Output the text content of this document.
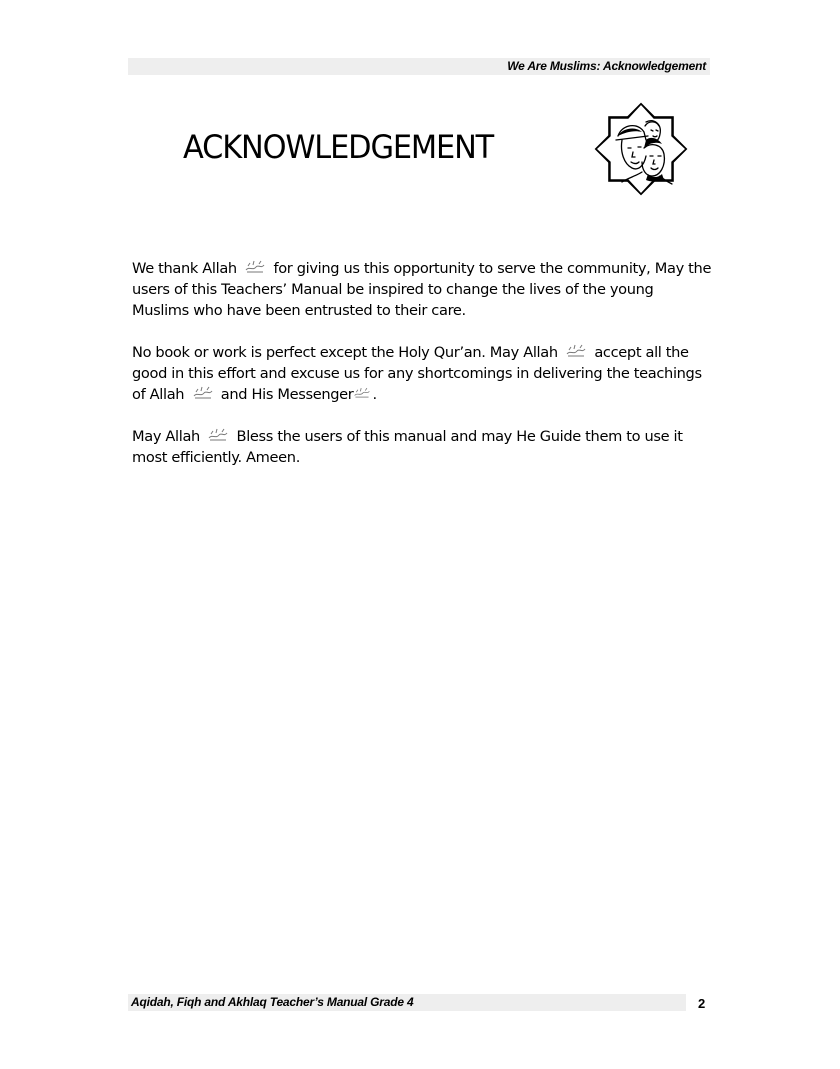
We Are Muslims: Acknowledgement
ACKNOWLEDGEMENT

We thank Allah	for giving us this opportunity to serve the community, May the users of this Teachers’ Manual be inspired to change the lives of the young Muslims who have been entrusted to their care.

No book or work is perfect except the Holy Qur’an. May Allah	accept all the good in this effort and excuse us for any shortcomings in delivering the teachings of Allah	and His Messenger .

May Allah	Bless the users of this manual and may He Guide them to use it most efficiently. Ameen.

Aqidah, Fiqh and Akhlaq Teacher’s Manual Grade 4	2
